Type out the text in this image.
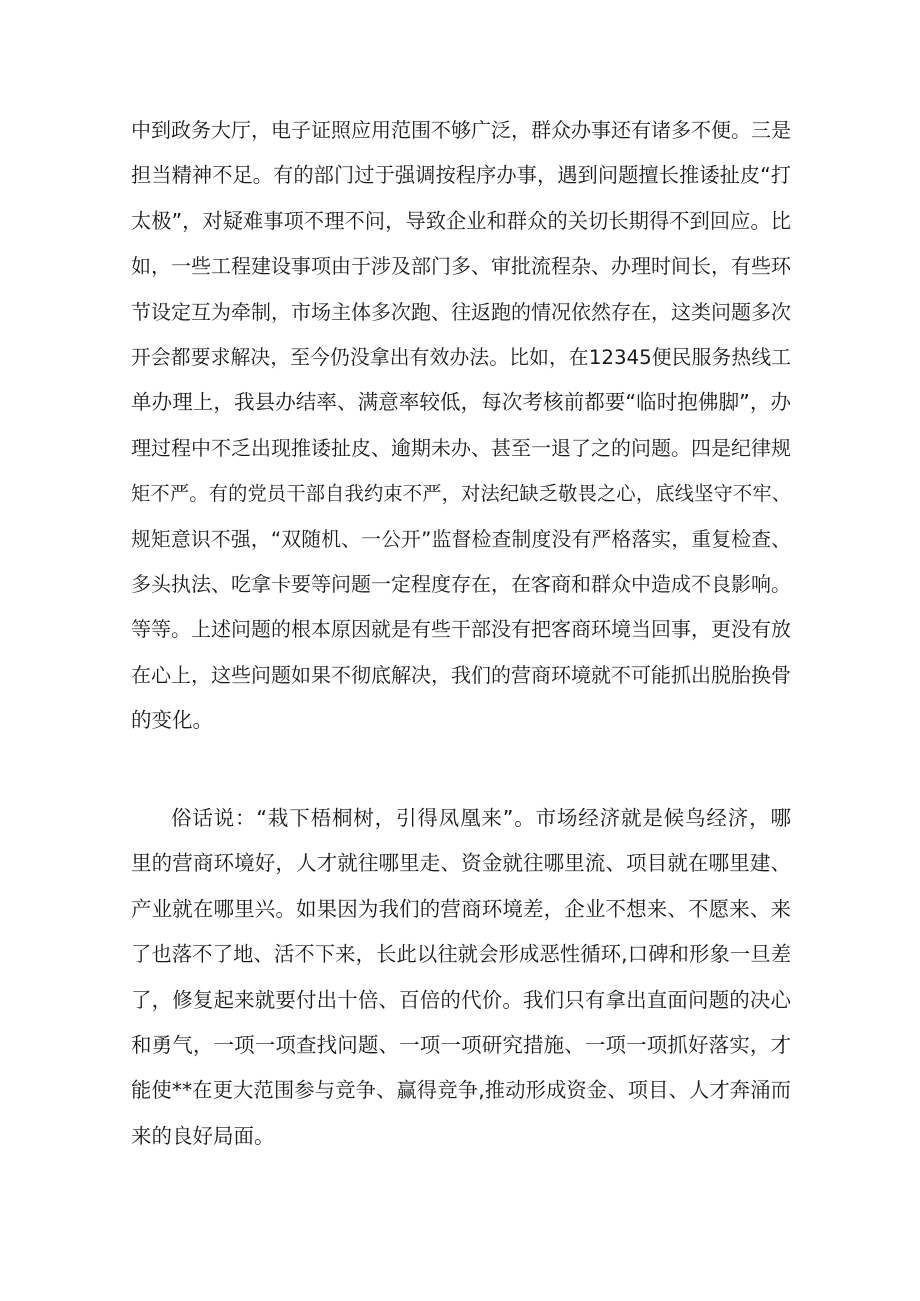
中到政务大厅，电子证照应用范围不够广泛，群众办事还有诸多不便。三是
担当精神不足。有的部门过于强调按程序办事，遇到问题擅长推诿扯皮“打
太极”，对疑难事项不理不问，导致企业和群众的关切长期得不到回应。比
如，一些工程建设事项由于涉及部门多、审批流程杂、办理时间长，有些环
节设定互为牵制，市场主体多次跑、往返跑的情况依然存在，这类问题多次
开会都要求解决，至今仍没拿出有效办法。比如，在12345便民服务热线工
单办理上，我县办结率、满意率较低，每次考核前都要“临时抱佛脚”，办
理过程中不乏出现推诿扯皮、逾期未办、甚至一退了之的问题。四是纪律规
矩不严。有的党员干部自我约束不严，对法纪缺乏敬畏之心，底线坚守不牢、
规矩意识不强，“双随机、一公开”监督检查制度没有严格落实，重复检查、
多头执法、吃拿卡要等问题一定程度存在，在客商和群众中造成不良影响。
等等。上述问题的根本原因就是有些干部没有把客商环境当回事，更没有放
在心上，这些问题如果不彻底解决，我们的营商环境就不可能抓出脱胎换骨
的变化。
俗话说：“栽下梧桐树，引得凤凰来”。市场经济就是候鸟经济，哪
里的营商环境好，人才就往哪里走、资金就往哪里流、项目就在哪里建、
产业就在哪里兴。如果因为我们的营商环境差，企业不想来、不愿来、来
了也落不了地、活不下来，长此以往就会形成恶性循环,口碑和形象一旦差
了，修复起来就要付出十倍、百倍的代价。我们只有拿出直面问题的决心
和勇气，一项一项查找问题、一项一项研究措施、一项一项抓好落实，才
能使**在更大范围参与竞争、赢得竞争,推动形成资金、项目、人才奔涌而
来的良好局面。
